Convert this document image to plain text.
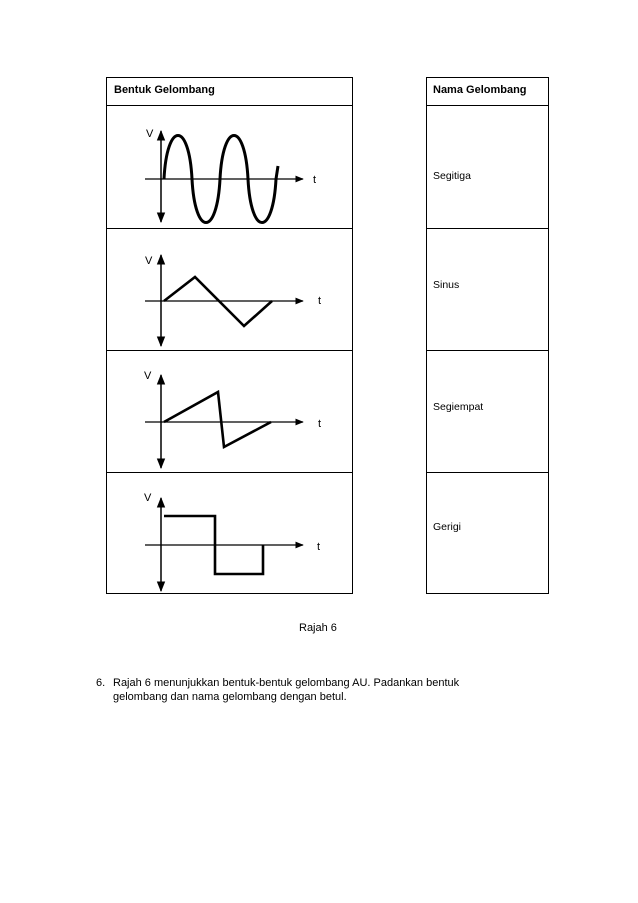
Bentuk Gelombang	Nama Gelombang
V
t	Segitiga
V
t
Sinus
V
t
Segiempat
V
t
Gerigi
Rajah 6
6. Rajah 6 menunjukkan bentuk-bentuk gelombang AU. Padankan bentuk
gelombang dan nama gelombang dengan betul.
